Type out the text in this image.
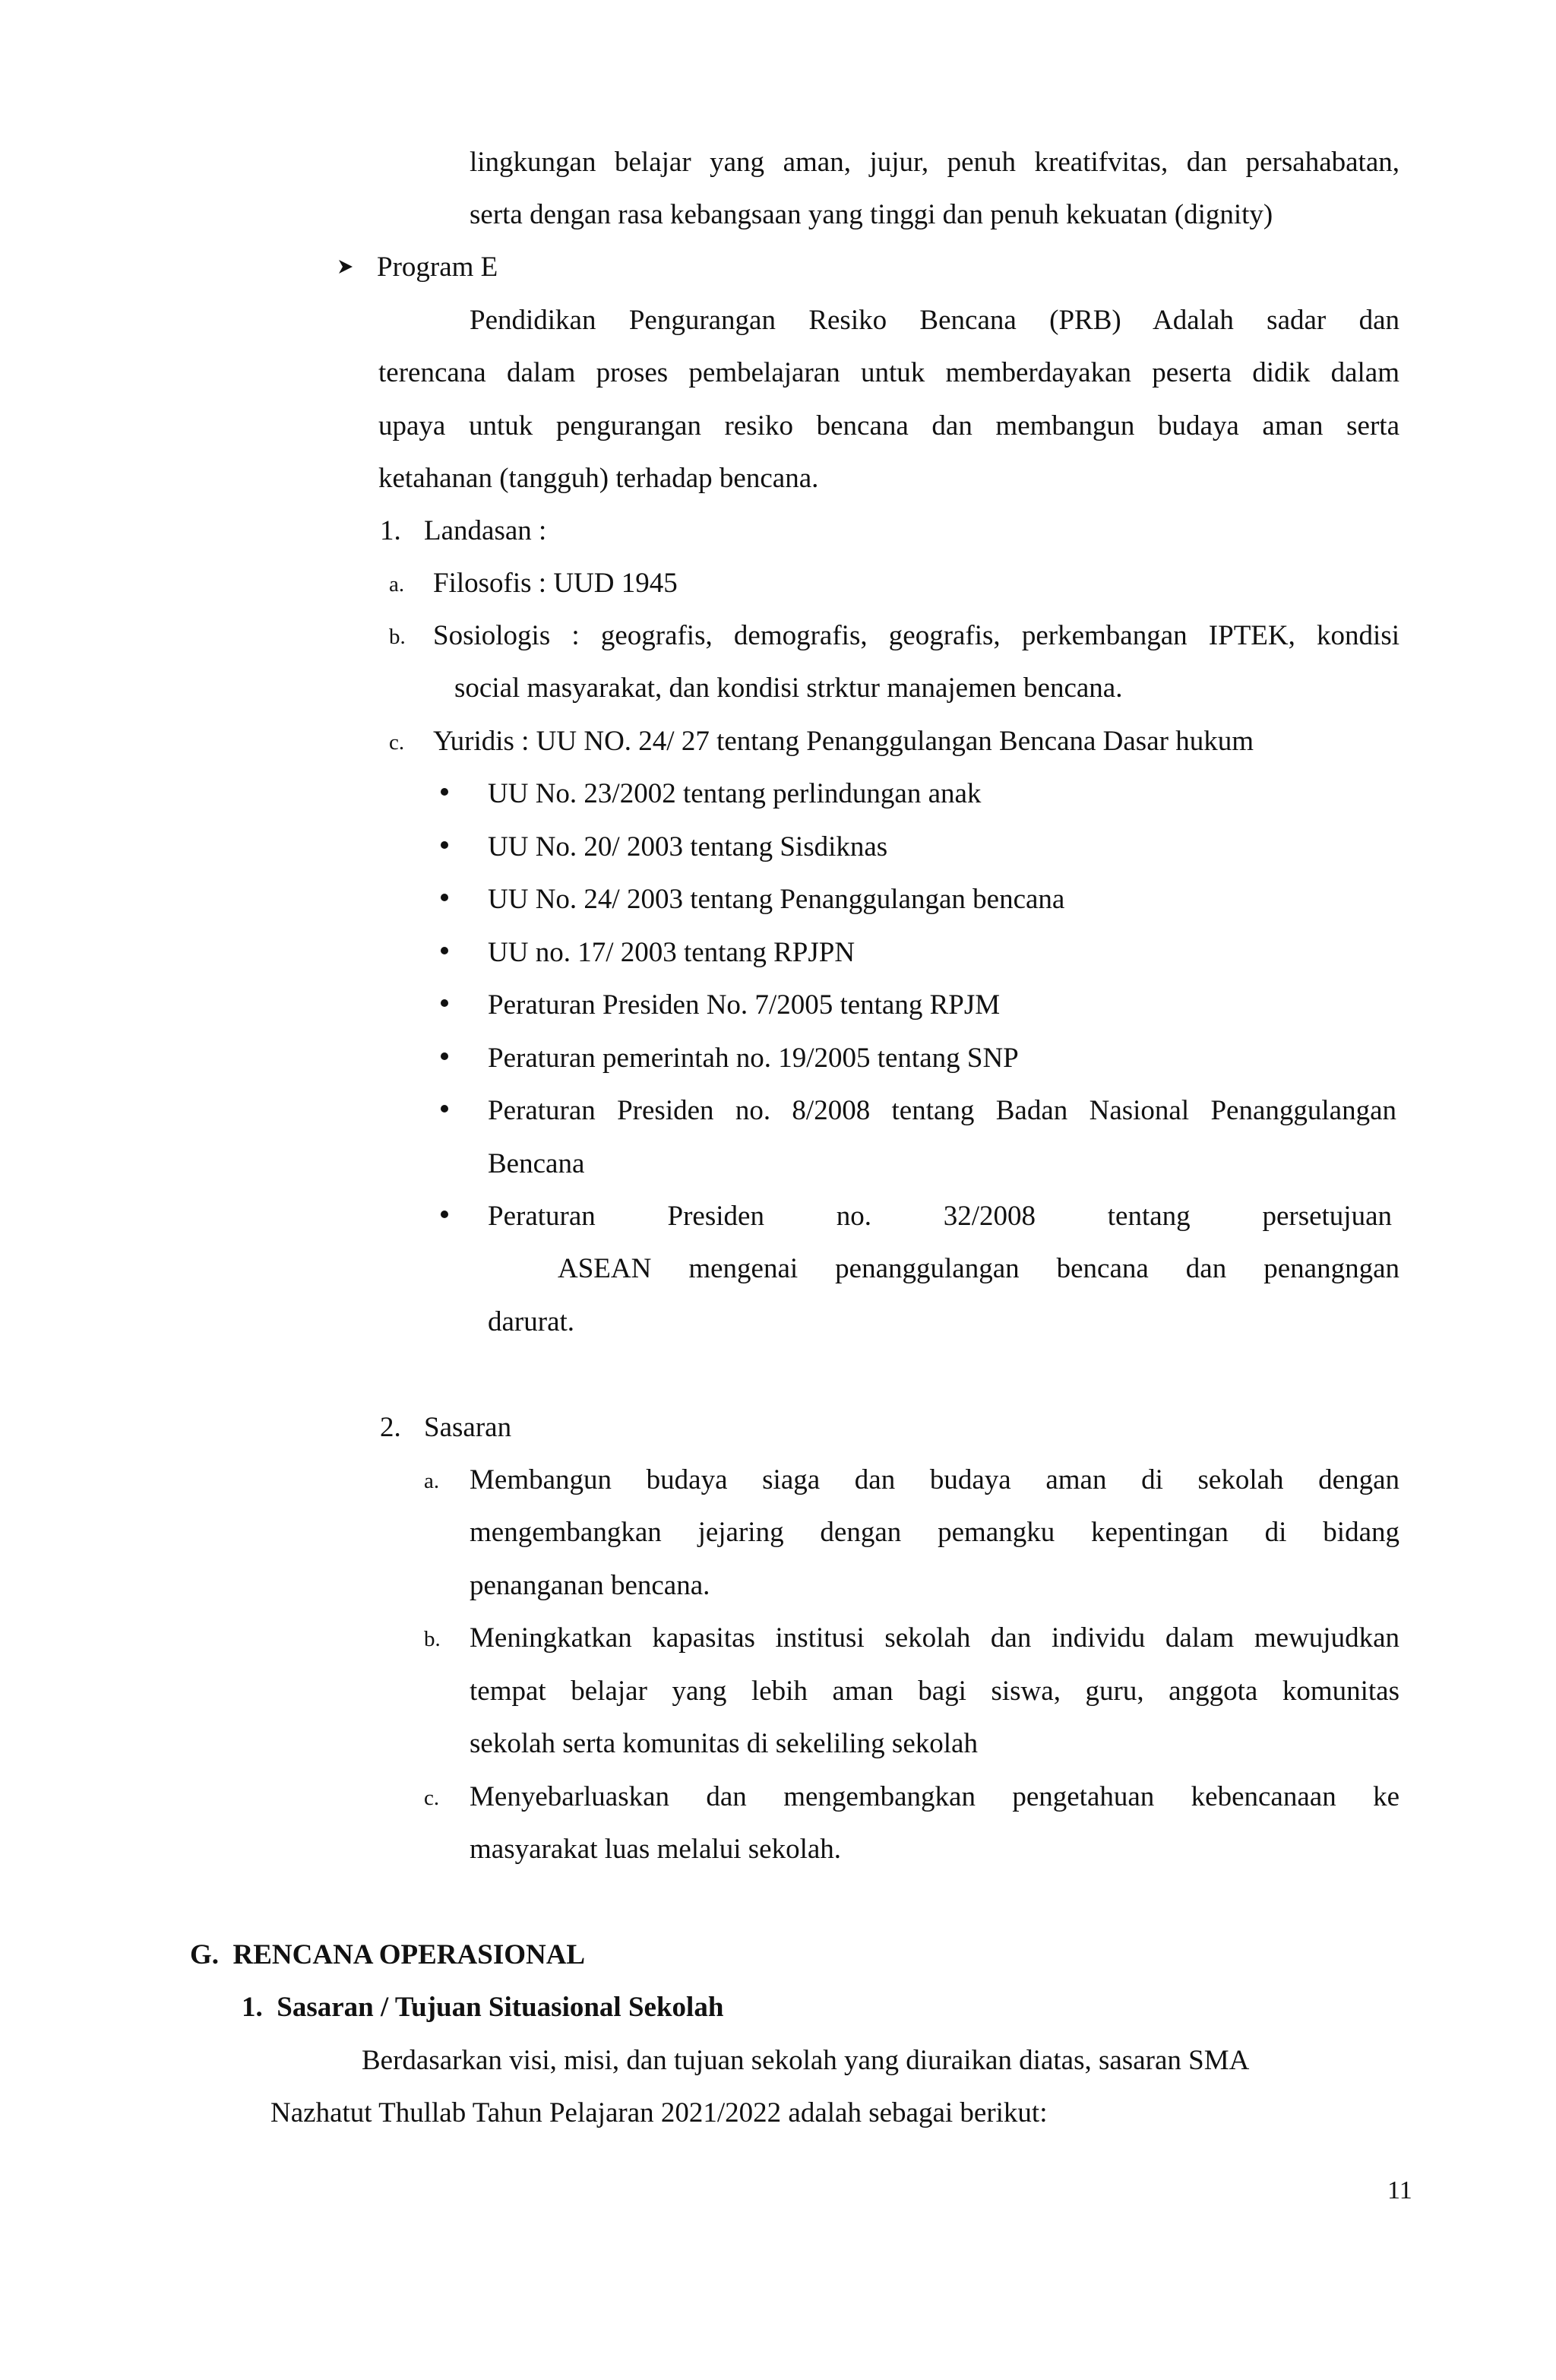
lingkungan belajar yang aman, jujur, penuh kreatifvitas, dan persahabatan,
serta dengan rasa kebangsaan yang tinggi dan penuh kekuatan (dignity)
Program E
Pendidikan Pengurangan Resiko Bencana (PRB) Adalah sadar dan
terencana dalam proses pembelajaran untuk memberdayakan peserta didik dalam
upaya untuk pengurangan resiko bencana dan membangun budaya aman serta
ketahanan (tangguh) terhadap bencana.
1. Landasan :
a. Filosofis : UUD 1945
b. Sosiologis : geografis, demografis, geografis, perkembangan IPTEK, kondisi
social masyarakat, dan kondisi strktur manajemen bencana.
c. Yuridis : UU NO. 24/ 27 tentang Penanggulangan Bencana Dasar hukum
UU No. 23/2002 tentang perlindungan anak
UU No. 20/ 2003 tentang Sisdiknas
UU No. 24/ 2003 tentang Penanggulangan bencana
UU no. 17/ 2003 tentang RPJPN
Peraturan Presiden No. 7/2005 tentang RPJM
Peraturan pemerintah no. 19/2005 tentang SNP
Peraturan Presiden no. 8/2008 tentang Badan Nasional Penanggulangan
Bencana
Peraturan Presiden no. 32/2008 tentang persetujuan
ASEAN mengenai penanggulangan bencana dan penangngan
darurat.
2. Sasaran
a. Membangun budaya siaga dan budaya aman di sekolah dengan
mengembangkan jejaring dengan pemangku kepentingan di bidang
penanganan bencana.
b. Meningkatkan kapasitas institusi sekolah dan individu dalam mewujudkan
tempat belajar yang lebih aman bagi siswa, guru, anggota komunitas
sekolah serta komunitas di sekeliling sekolah
c. Menyebarluaskan dan mengembangkan pengetahuan kebencanaan ke
masyarakat luas melalui sekolah.
G.  RENCANA OPERASIONAL
1.  Sasaran / Tujuan Situasional Sekolah
Berdasarkan visi, misi, dan tujuan sekolah yang diuraikan diatas, sasaran SMA
Nazhatut Thullab Tahun Pelajaran 2021/2022 adalah sebagai berikut:
11
